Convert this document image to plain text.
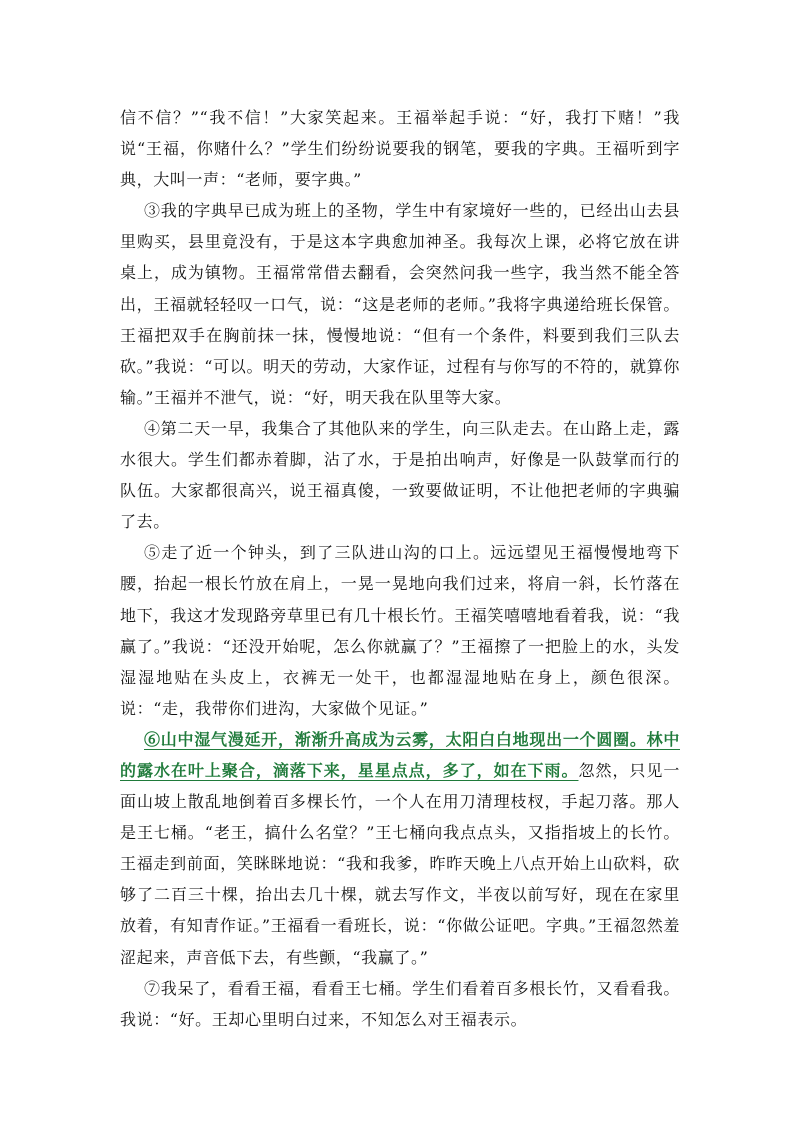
信不信？”“我不信！”大家笑起来。王福举起手说：“好，我打下赌！”我说“王福，你赌什么？”学生们纷纷说要我的钢笔，要我的字典。王福听到字典，大叫一声：“老师，要字典。”

③我的字典早已成为班上的圣物，学生中有家境好一些的，已经出山去县里购买，县里竟没有，于是这本字典愈加神圣。我每次上课，必将它放在讲桌上，成为镇物。王福常常借去翻看，会突然问我一些字，我当然不能全答出，王福就轻轻叹一口气，说：“这是老师的老师。”我将字典递给班长保管。王福把双手在胸前抹一抹，慢慢地说：“但有一个条件，料要到我们三队去砍。”我说：“可以。明天的劳动，大家作证，过程有与你写的不符的，就算你输。”王福并不泄气，说：“好，明天我在队里等大家。

④第二天一早，我集合了其他队来的学生，向三队走去。在山路上走，露水很大。学生们都赤着脚，沾了水，于是拍出响声，好像是一队鼓掌而行的队伍。大家都很高兴，说王福真傻，一致要做证明，不让他把老师的字典骗了去。

⑤走了近一个钟头，到了三队进山沟的口上。远远望见王福慢慢地弯下腰，抬起一根长竹放在肩上，一晃一晃地向我们过来，将肩一斜，长竹落在地下，我这才发现路旁草里已有几十根长竹。王福笑嘻嘻地看着我，说：“我赢了。”我说：“还没开始呢，怎么你就赢了？”王福擦了一把脸上的水，头发湿湿地贴在头皮上，衣裤无一处干，也都湿湿地贴在身上，颜色很深。说：“走，我带你们进沟，大家做个见证。”

⑥山中湿气漫延开，渐渐升高成为云雾，太阳白白地现出一个圆圈。林中的露水在叶上聚合，滴落下来，星星点点，多了，如在下雨。忽然，只见一面山坡上散乱地倒着百多棵长竹，一个人在用刀清理枝杈，手起刀落。那人是王七桶。“老王，搞什么名堂？”王七桶向我点点头，又指指坡上的长竹。王福走到前面，笑眯眯地说：“我和我爹，昨昨天晚上八点开始上山砍料，砍够了二百三十棵，抬出去几十棵，就去写作文，半夜以前写好，现在在家里放着，有知青作证。”王福看一看班长，说：“你做公证吧。字典。”王福忽然羞涩起来，声音低下去，有些颤，“我赢了。”

⑦我呆了，看看王福，看看王七桶。学生们看着百多根长竹，又看看我。我说：“好。王却心里明白过来，不知怎么对王福表示。
